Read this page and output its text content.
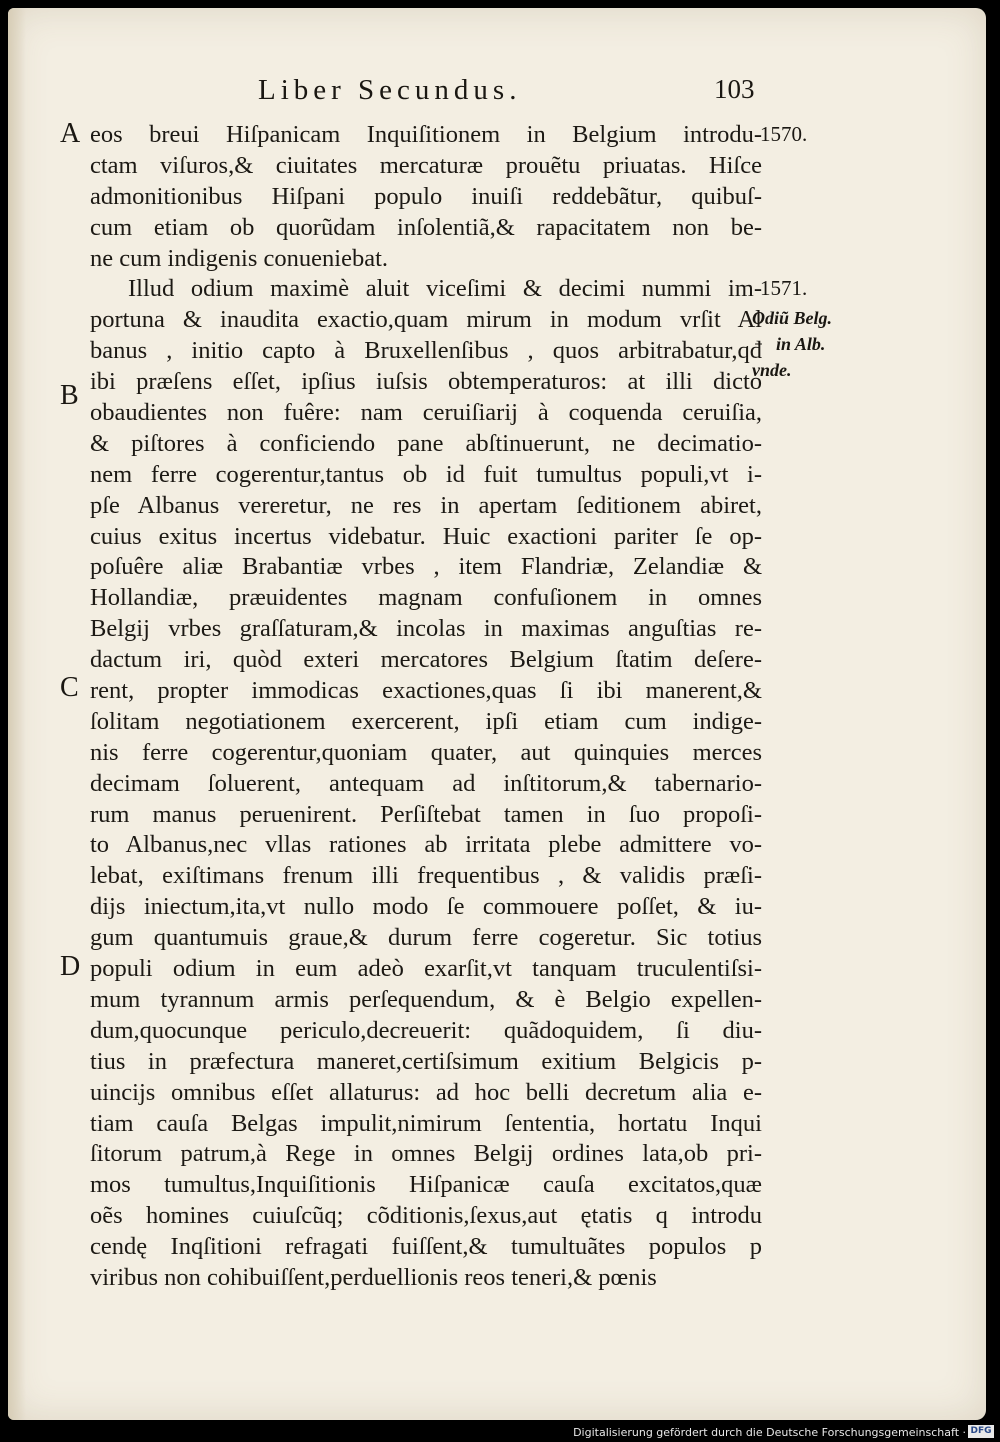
Liber Secundus.	103
eos breui Hiſpanicam Inquiſitionem in Belgium introdu-
ctam viſuros,& ciuitates mercaturæ prouẽtu priuatas. Hiſce
admonitionibus Hiſpani populo inuiſi reddebãtur, quibuſ-
cum etiam ob quorũdam inſolentiã,& rapacitatem non be-
ne cum indigenis conueniebat.
Illud odium maximè aluit viceſimi & decimi nummi im-
portuna & inaudita exactio,quam mirum in modum vrſit Al
banus , initio capto à Bruxellenſibus , quos arbitrabatur,qđ
ibi præſens eſſet, ipſius iuſsis obtemperaturos: at illi dicto
obaudientes non fuêre: nam ceruiſiarij à coquenda ceruiſia,
& piſtores à conficiendo pane abſtinuerunt, ne decimatio-
nem ferre cogerentur,tantus ob id fuit tumultus populi,vt i-
pſe Albanus vereretur, ne res in apertam ſeditionem abiret,
cuius exitus incertus videbatur. Huic exactioni pariter ſe op-
poſuêre aliæ Brabantiæ vrbes , item Flandriæ, Zelandiæ &
Hollandiæ, præuidentes magnam confuſionem in omnes
Belgij vrbes graſſaturam,& incolas in maximas anguſtias re-
dactum iri, quòd exteri mercatores Belgium ſtatim deſere-
rent, propter immodicas exactiones,quas ſi ibi manerent,&
ſolitam negotiationem exercerent, ipſi etiam cum indige-
nis ferre cogerentur,quoniam quater, aut quinquies merces
decimam ſoluerent, antequam ad inſtitorum,& tabernario-
rum manus peruenirent. Perſiſtebat tamen in ſuo propoſi-
to Albanus,nec vllas rationes ab irritata plebe admittere vo-
lebat, exiſtimans frenum illi frequentibus , & validis præſi-
dijs iniectum,ita,vt nullo modo ſe commouere poſſet, & iu-
gum quantumuis graue,& durum ferre cogeretur. Sic totius
populi odium in eum adeò exarſit,vt tanquam truculentiſsi-
mum tyrannum armis perſequendum, & è Belgio expellen-
dum,quocunque periculo,decreuerit: quãdoquidem, ſi diu-
tius in præfectura maneret,certiſsimum exitium Belgicis p-
uincijs omnibus eſſet allaturus: ad hoc belli decretum alia e-
tiam cauſa Belgas impulit,nimirum ſententia, hortatu Inqui
ſitorum patrum,à Rege in omnes Belgij ordines lata,ob pri-
mos tumultus,Inquiſitionis Hiſpanicæ cauſa excitatos,quæ
oẽs homines cuiuſcũq; cõditionis,ſexus,aut ętatis q introdu
cendę Inqſitioni refragati fuiſſent,& tumultuãtes populos p
viribus non cohibuiſſent,perduellionis reos teneri,& pœnis
A
B
C
D
1570.
1571.
Odiũ Belg.
in Alb.
vnde.
Digitalisierung gefördert durch die Deutsche Forschungsgemeinschaft · DFG
